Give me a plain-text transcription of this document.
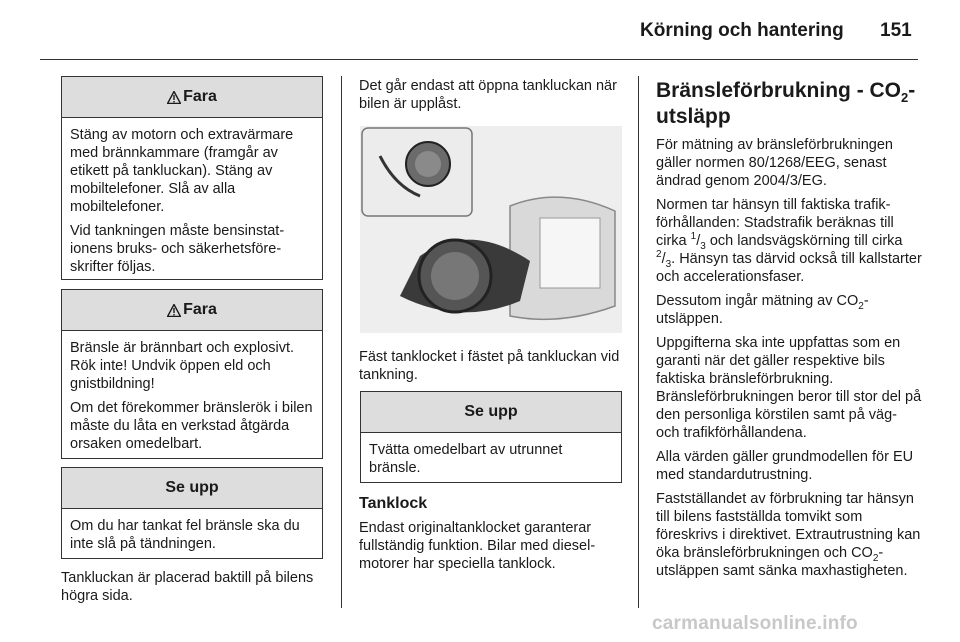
Körning och hantering 151
Fara

Stäng av motorn och extravärmare med brännkammare (framgår av etikett på tankluckan). Stäng av mobiltelefoner. Slå av alla mobiltelefoner.

Vid tankningen måste bensinstationens bruks- och säkerhetsföreskrifter följas.

Fara

Bränsle är brännbart och explosivt. Rök inte! Undvik öppen eld och gnistbildning!

Om det förekommer bränslerök i bilen måste du låta en verkstad åtgärda orsaken omedelbart.

Se upp

Om du har tankat fel bränsle ska du inte slå på tändningen.

Tankluckan är placerad baktill på bilens högra sida.

Det går endast att öppna tankluckan när bilen är upplåst.

Fäst tanklocket i fästet på tankluckan vid tankning.

Se upp

Tvätta omedelbart av utrunnet bränsle.

Tanklock

Endast originaltanklocket garanterar fullständig funktion. Bilar med dieselmotorer har speciella tanklock.

Bränsleförbrukning - $CO_2$-utsläpp

För mätning av bränsleförbrukningen gäller normen 80/1268/EEG, senast ändrad genom 2004/3/EG.

Normen tar hänsyn till faktiska trafikförhållanden: Stadstrafik beräknas till cirka $^1/_3$ och landsvägskörning till cirka $^2/_3$. Hänsyn tas därvid också till kallstarter och accelerationsfaser.

Dessutom ingår mätning av $CO_2$-utsläppen.

Uppgifterna ska inte uppfattas som en garanti när det gäller respektive bils faktiska bränsleförbrukning. Bränsleförbrukningen beror till stor del på den personliga körstilen samt på väg- och trafikförhållandena.

Alla värden gäller grundmodellen för EU med standardutrustning.

Fastställandet av förbrukning tar hänsyn till bilens fastställda tomvikt som föreskrivs i direktivet. Extrautrustning kan öka bränsleförbrukningen och $CO_2$-utsläppen samt sänka maxhastigheten.

carmanualsonline.info
